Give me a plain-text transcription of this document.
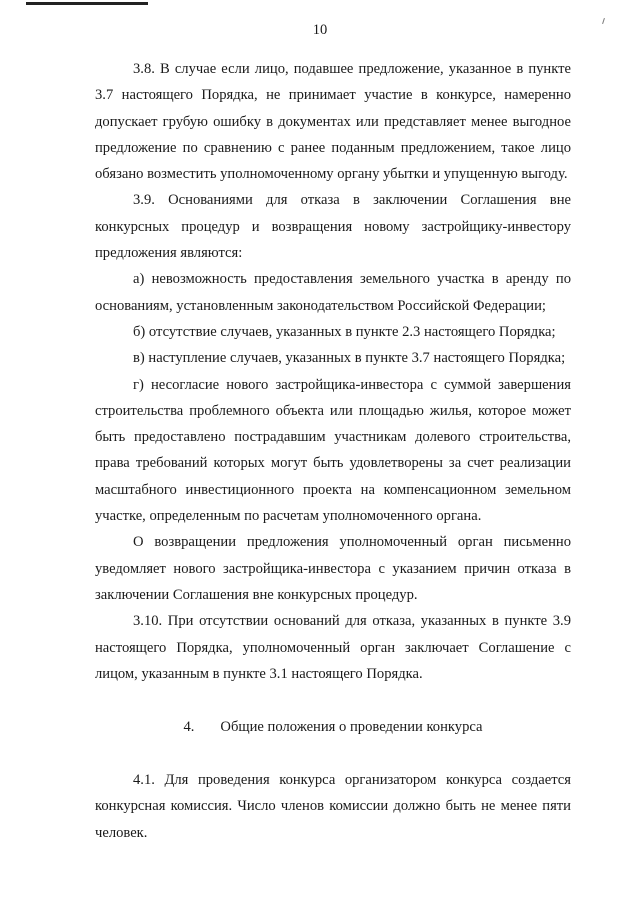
10

3.8. В случае если лицо, подавшее предложение, указанное в пункте 3.7 настоящего Порядка, не принимает участие в конкурсе, намеренно допускает грубую ошибку в документах или представляет менее выгодное предложение по сравнению с ранее поданным предложением, такое лицо обязано возместить уполномоченному органу убытки и упущенную выгоду.

3.9. Основаниями для отказа в заключении Соглашения вне конкурсных процедур и возвращения новому застройщику-инвестору предложения являются:

а) невозможность предоставления земельного участка в аренду по основаниям, установленным законодательством Российской Федерации;

б) отсутствие случаев, указанных в пункте 2.3 настоящего Порядка;

в) наступление случаев, указанных в пункте 3.7 настоящего Порядка;

г) несогласие нового застройщика-инвестора с суммой завершения строительства проблемного объекта или площадью жилья, которое может быть предоставлено пострадавшим участникам долевого строительства, права требований которых могут быть удовлетворены за счет реализации масштабного инвестиционного проекта на компенсационном земельном участке, определенным по расчетам уполномоченного органа.

О возвращении предложения уполномоченный орган письменно уведомляет нового застройщика-инвестора с указанием причин отказа в заключении Соглашения вне конкурсных процедур.

3.10. При отсутствии оснований для отказа, указанных в пункте 3.9 настоящего Порядка, уполномоченный орган заключает Соглашение с лицом, указанным в пункте 3.1 настоящего Порядка.

4. Общие положения о проведении конкурса

4.1. Для проведения конкурса организатором конкурса создается конкурсная комиссия. Число членов комиссии должно быть не менее пяти человек.
